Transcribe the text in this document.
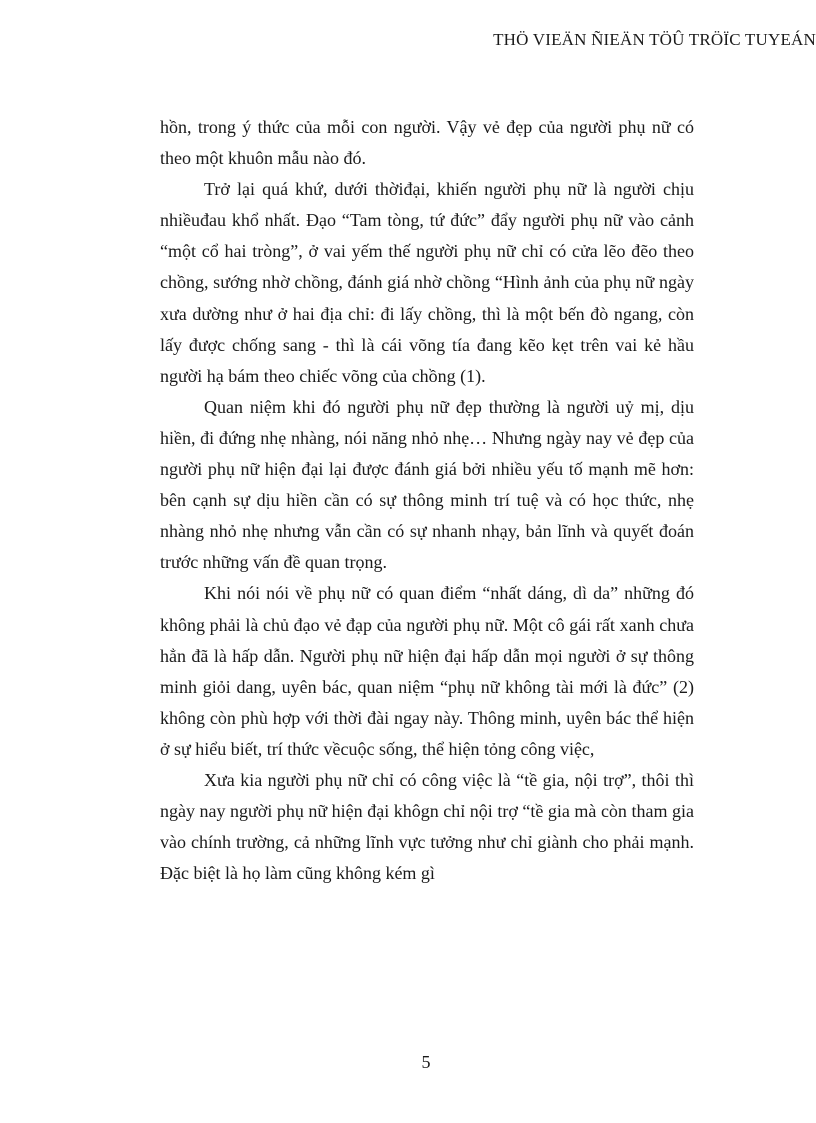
THÖ VIEÄN ÑIEÄN TÖÛ TRÖÏC TUYEÁN

hồn, trong ý thức của mỗi con người. Vậy vẻ đẹp của người phụ nữ có theo một khuôn mẫu nào đó.

Trở lại quá khứ, dưới thờiđại, khiến người phụ nữ là người chịu nhiềuđau khổ nhất. Đạo “Tam tòng, tứ đức” đẩy người phụ nữ vào cảnh “một cổ hai tròng”, ở vai yếm thế người phụ nữ chỉ có cửa lẽo đẽo theo chồng, sướng nhờ chồng, đánh giá nhờ chồng “Hình ảnh của phụ nữ ngày xưa dường như ở hai địa chỉ: đi lấy chồng, thì là một bến đò ngang, còn lấy được chống sang - thì là cái võng tía đang kẽo kẹt trên vai kẻ hầu người hạ bám theo chiếc võng của chồng (1).

Quan niệm khi đó người phụ nữ đẹp thường là người uỷ mị, dịu hiền, đi đứng nhẹ nhàng, nói năng nhỏ nhẹ… Nhưng ngày nay vẻ đẹp của người phụ nữ hiện đại lại được đánh giá bởi nhiều yếu tố mạnh mẽ hơn: bên cạnh sự dịu hiền cần có sự thông minh trí tuệ và có học thức, nhẹ nhàng nhỏ nhẹ nhưng vẫn cần có sự nhanh nhạy, bản lĩnh và quyết đoán trước những vấn đề quan trọng.

Khi nói nói về phụ nữ có quan điểm “nhất dáng, dì da” những đó không phải là chủ đạo vẻ đạp của người phụ nữ. Một cô gái rất xanh chưa hẳn đã là hấp dẫn. Người phụ nữ hiện đại hấp dẫn mọi người ở sự thông minh giỏi dang, uyên bác, quan niệm “phụ nữ không tài mới là đức” (2) không còn phù hợp với thời đài ngay này. Thông minh, uyên bác thể hiện ở sự hiểu biết, trí thức vềcuộc sống, thể hiện tỏng công việc,

Xưa kia người phụ nữ chỉ có công việc là “tề gia, nội trợ”, thôi thì ngày nay người phụ nữ hiện đại khôgn chỉ nội trợ “tề gia mà còn tham gia vào chính trường, cả những lĩnh vực tưởng như chỉ giành cho phải mạnh. Đặc biệt là họ làm cũng không kém gì

5
